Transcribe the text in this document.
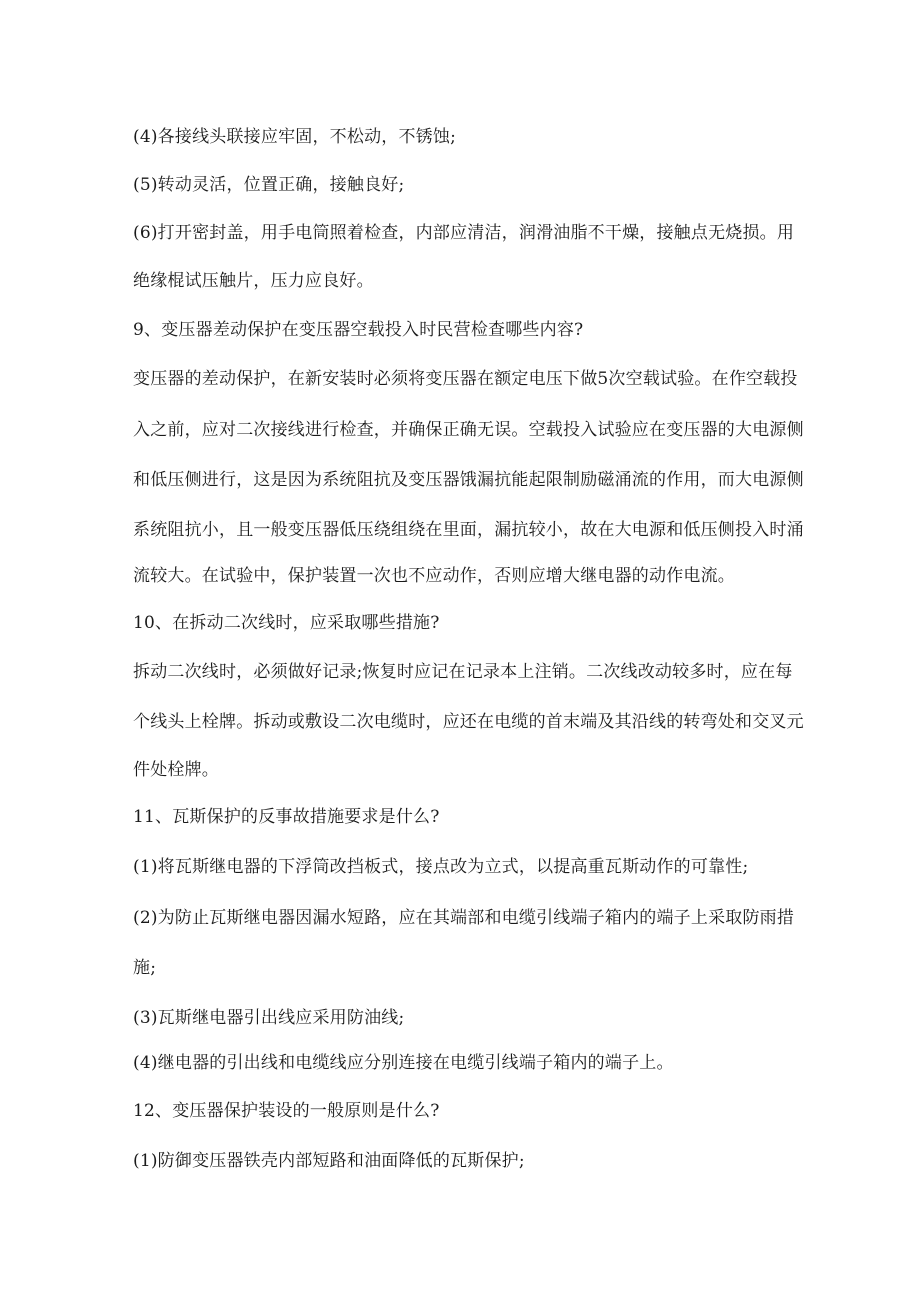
(4)各接线头联接应牢固，不松动，不锈蚀;
(5)转动灵活，位置正确，接触良好;
(6)打开密封盖，用手电筒照着检查，内部应清洁，润滑油脂不干燥，接触点无烧损。用
绝缘棍试压触片，压力应良好。
9、变压器差动保护在变压器空载投入时民营检查哪些内容?
变压器的差动保护，在新安装时必须将变压器在额定电压下做5次空载试验。在作空载投
入之前，应对二次接线进行检查，并确保正确无误。空载投入试验应在变压器的大电源侧
和低压侧进行，这是因为系统阻抗及变压器饿漏抗能起限制励磁涌流的作用，而大电源侧
系统阻抗小，且一般变压器低压绕组绕在里面，漏抗较小，故在大电源和低压侧投入时涌
流较大。在试验中，保护装置一次也不应动作，否则应增大继电器的动作电流。
10、在拆动二次线时，应采取哪些措施?
拆动二次线时，必须做好记录;恢复时应记在记录本上注销。二次线改动较多时，应在每
个线头上栓牌。拆动或敷设二次电缆时，应还在电缆的首末端及其沿线的转弯处和交叉元
件处栓牌。
11、瓦斯保护的反事故措施要求是什么?
(1)将瓦斯继电器的下浮筒改挡板式，接点改为立式，以提高重瓦斯动作的可靠性;
(2)为防止瓦斯继电器因漏水短路，应在其端部和电缆引线端子箱内的端子上采取防雨措
施;
(3)瓦斯继电器引出线应采用防油线;
(4)继电器的引出线和电缆线应分别连接在电缆引线端子箱内的端子上。
12、变压器保护装设的一般原则是什么?
(1)防御变压器铁壳内部短路和油面降低的瓦斯保护;
